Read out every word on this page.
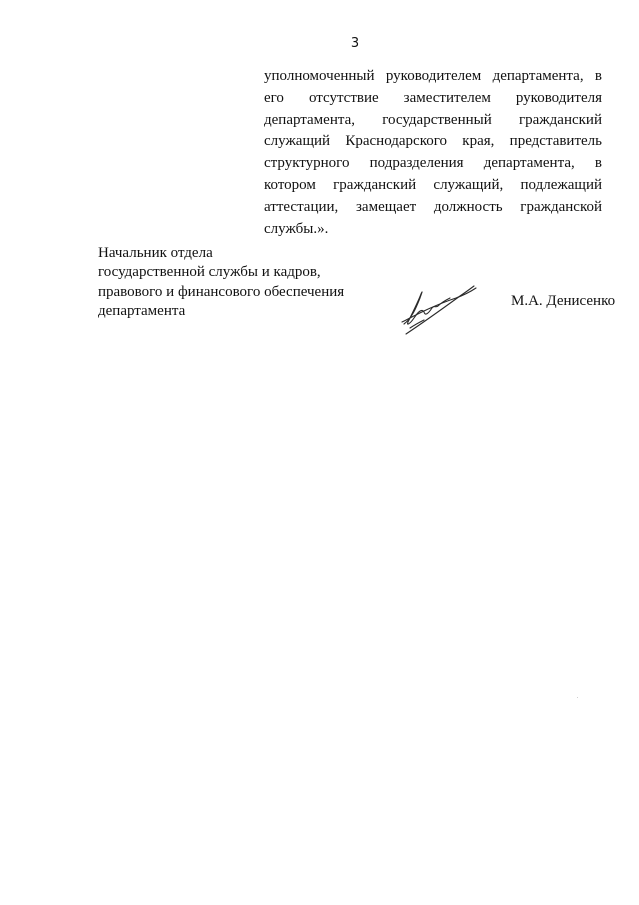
3

уполномоченный руководителем департамента, в
его отсутствие заместителем руководителя
департамента, государственный гражданский
служащий Краснодарского края, представитель
структурного подразделения департамента, в
котором гражданский служащий, подлежащий
аттестации, замещает должность гражданской
службы.».

Начальник отдела
государственной службы и кадров,
правового и финансового обеспечения
департамента

М.А. Денисенко
